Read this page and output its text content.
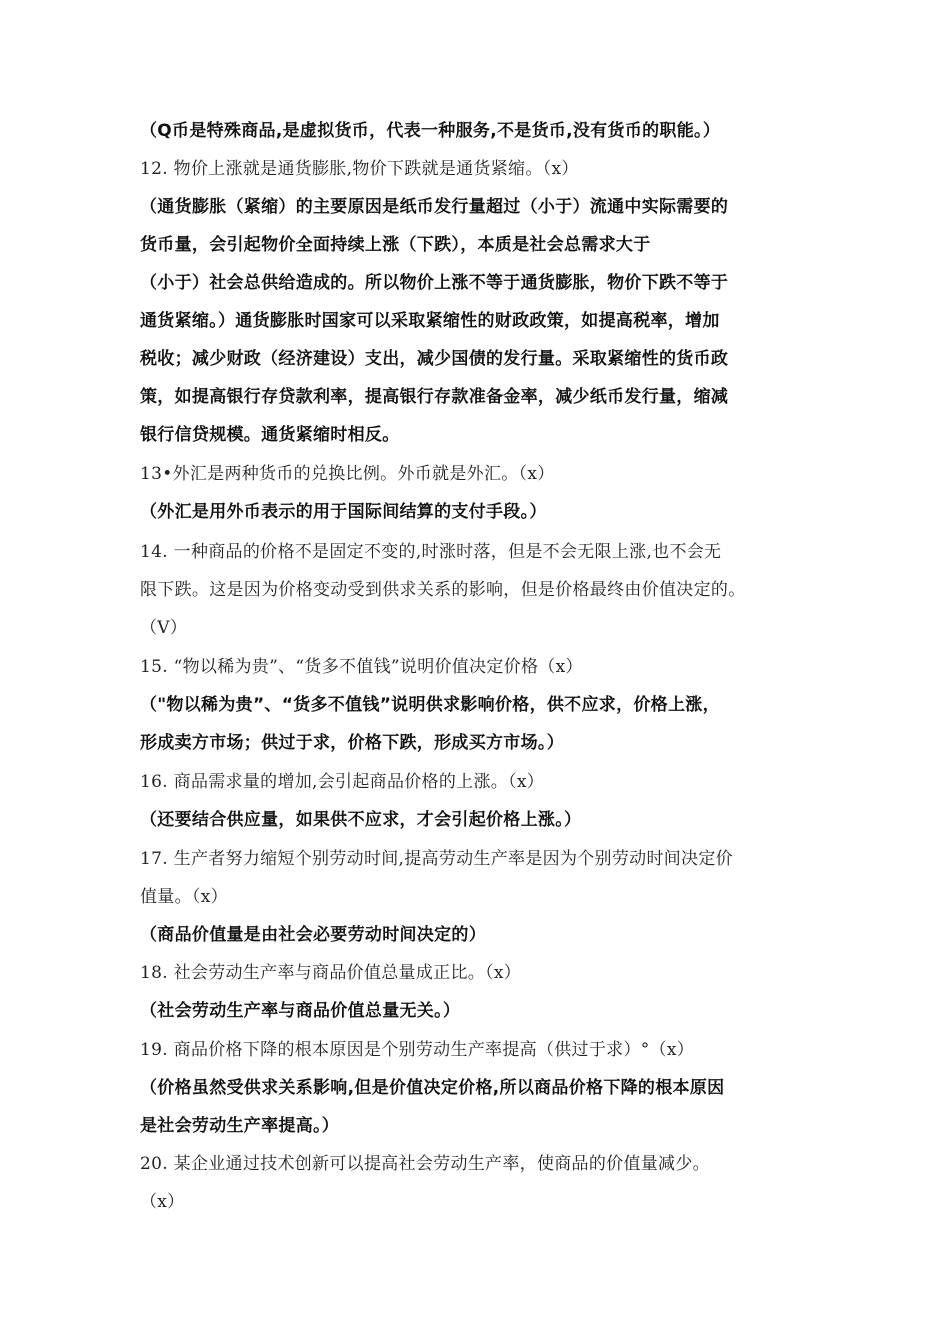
（Q币是特殊商品,是虚拟货币，代表一种服务,不是货币,没有货币的职能。）
12. 物价上涨就是通货膨胀,物价下跌就是通货紧缩。（x）
（通货膨胀（紧缩）的主要原因是纸币发行量超过（小于）流通中实际需要的
货币量，会引起物价全面持续上涨（下跌），本质是社会总需求大于
（小于）社会总供给造成的。所以物价上涨不等于通货膨胀，物价下跌不等于
通货紧缩。）通货膨胀时国家可以采取紧缩性的财政政策，如提高税率，增加
税收；减少财政（经济建设）支出，减少国债的发行量。采取紧缩性的货币政
策，如提高银行存贷款利率，提高银行存款准备金率，减少纸币发行量，缩减
银行信贷规模。通货紧缩时相反。
13•外汇是两种货币的兑换比例。外币就是外汇。（x）
（外汇是用外币表示的用于国际间结算的支付手段。）
14. 一种商品的价格不是固定不变的,时涨时落，但是不会无限上涨,也不会无
限下跌。这是因为价格变动受到供求关系的影响，但是价格最终由价值决定的。
（V）
15. “物以稀为贵”、“货多不值钱”说明价值决定价格（x）
（"物以稀为贵”、“货多不值钱”说明供求影响价格，供不应求，价格上涨，
形成卖方市场；供过于求，价格下跌，形成买方市场。）
16. 商品需求量的增加,会引起商品价格的上涨。（x）
（还要结合供应量，如果供不应求，才会引起价格上涨。）
17. 生产者努力缩短个别劳动时间,提高劳动生产率是因为个别劳动时间决定价
值量。（x）
（商品价值量是由社会必要劳动时间决定的）
18. 社会劳动生产率与商品价值总量成正比。（x）
（社会劳动生产率与商品价值总量无关。）
19. 商品价格下降的根本原因是个别劳动生产率提高（供过于求）°（x）
（价格虽然受供求关系影响,但是价值决定价格,所以商品价格下降的根本原因
是社会劳动生产率提高。）
20. 某企业通过技术创新可以提高社会劳动生产率，使商品的价值量减少。
（x）
